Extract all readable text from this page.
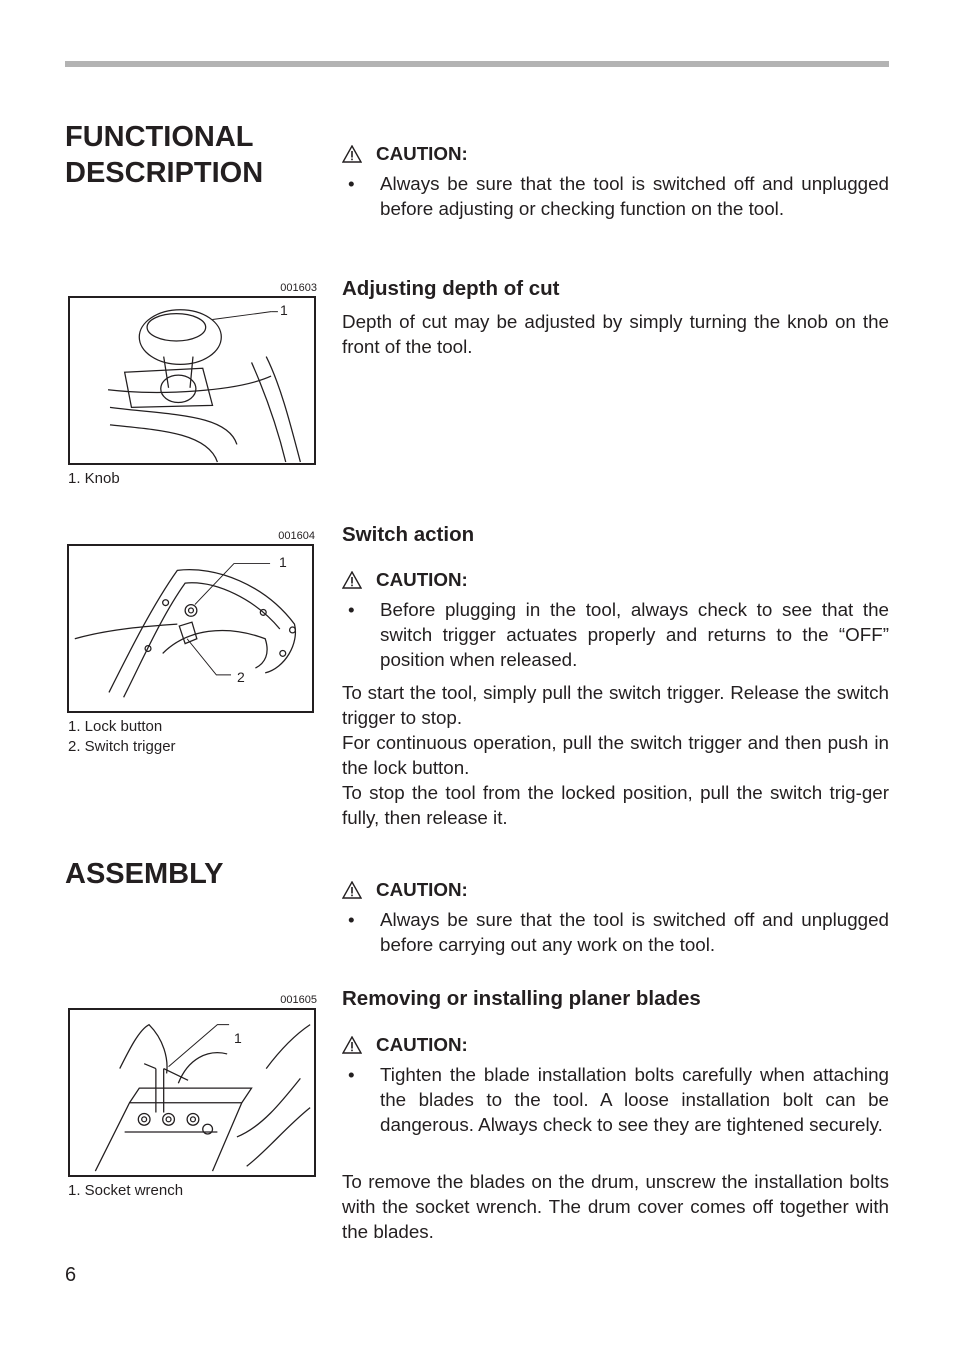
FUNCTIONAL
DESCRIPTION
CAUTION:
•	Always be sure that the tool is switched off and unplugged before adjusting or checking function on the tool.
001603
1
1. Knob
Adjusting depth of cut
Depth of cut may be adjusted by simply turning the knob on the front of the tool.
001604
1
2
1. Lock button
2. Switch trigger
Switch action
CAUTION:
•	Before plugging in the tool, always check to see that the switch trigger actuates properly and returns to the “OFF” position when released.
To start the tool, simply pull the switch trigger. Release the switch trigger to stop.
For continuous operation, pull the switch trigger and then push in the lock button.
To stop the tool from the locked position, pull the switch trig-ger fully, then release it.
ASSEMBLY	CAUTION:
•	Always be sure that the tool is switched off and unplugged before carrying out any work on the tool.
001605
1
1. Socket wrench
Removing or installing planer blades
CAUTION:
•	Tighten the blade installation bolts carefully when attaching the blades to the tool. A loose installation bolt can be dangerous. Always check to see they are tightened securely.
To remove the blades on the drum, unscrew the installation bolts with the socket wrench. The drum cover comes off together with the blades.
6
